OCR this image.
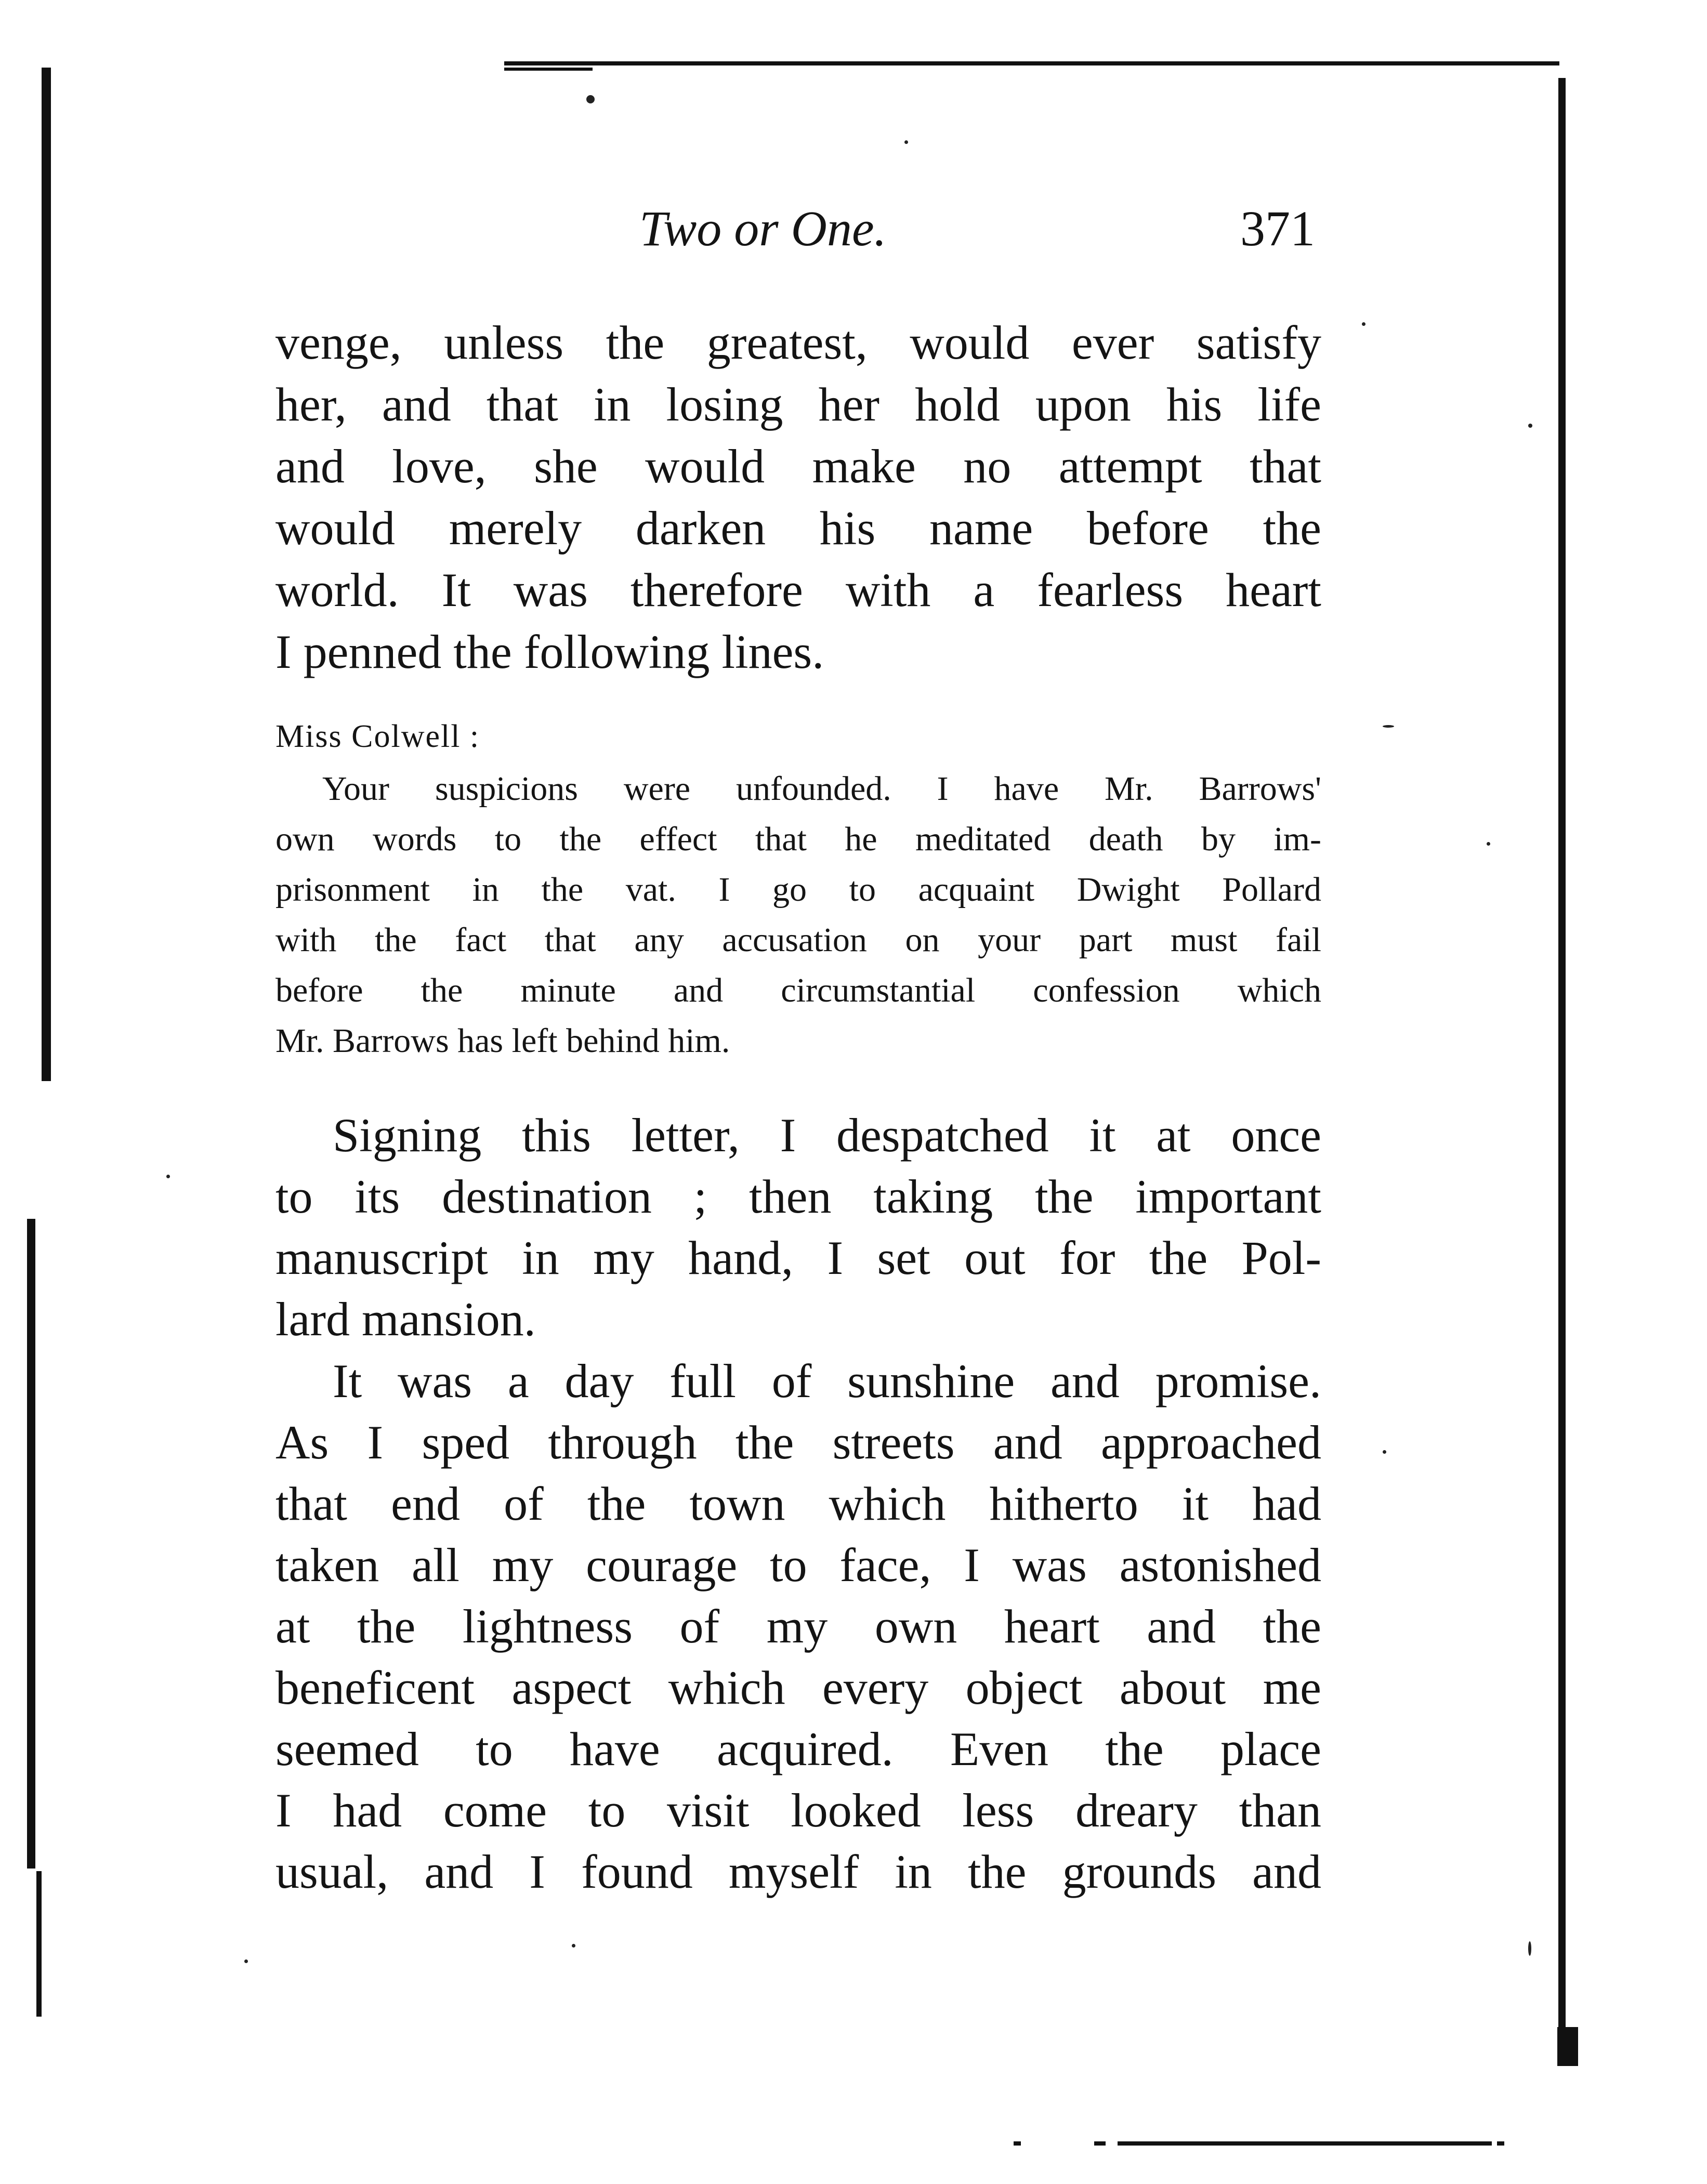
Two or One.	371
venge, unless the greatest, would ever satisfy
her, and that in losing her hold upon his life
and love, she would make no attempt that
would merely darken his name before the
world. It was therefore with a fearless heart
I penned the following lines.
Miss Colwell :
Your suspicions were unfounded. I have Mr. Barrows'
own words to the effect that he meditated death by im-
prisonment in the vat. I go to acquaint Dwight Pollard
with the fact that any accusation on your part must fail
before the minute and circumstantial confession which
Mr. Barrows has left behind him.
Signing this letter, I despatched it at once
to its destination ; then taking the important
manuscript in my hand, I set out for the Pol-
lard mansion.
It was a day full of sunshine and promise.
As I sped through the streets and approached
that end of the town which hitherto it had
taken all my courage to face, I was astonished
at the lightness of my own heart and the
beneficent aspect which every object about me
seemed to have acquired. Even the place
I had come to visit looked less dreary than
usual, and I found myself in the grounds and
